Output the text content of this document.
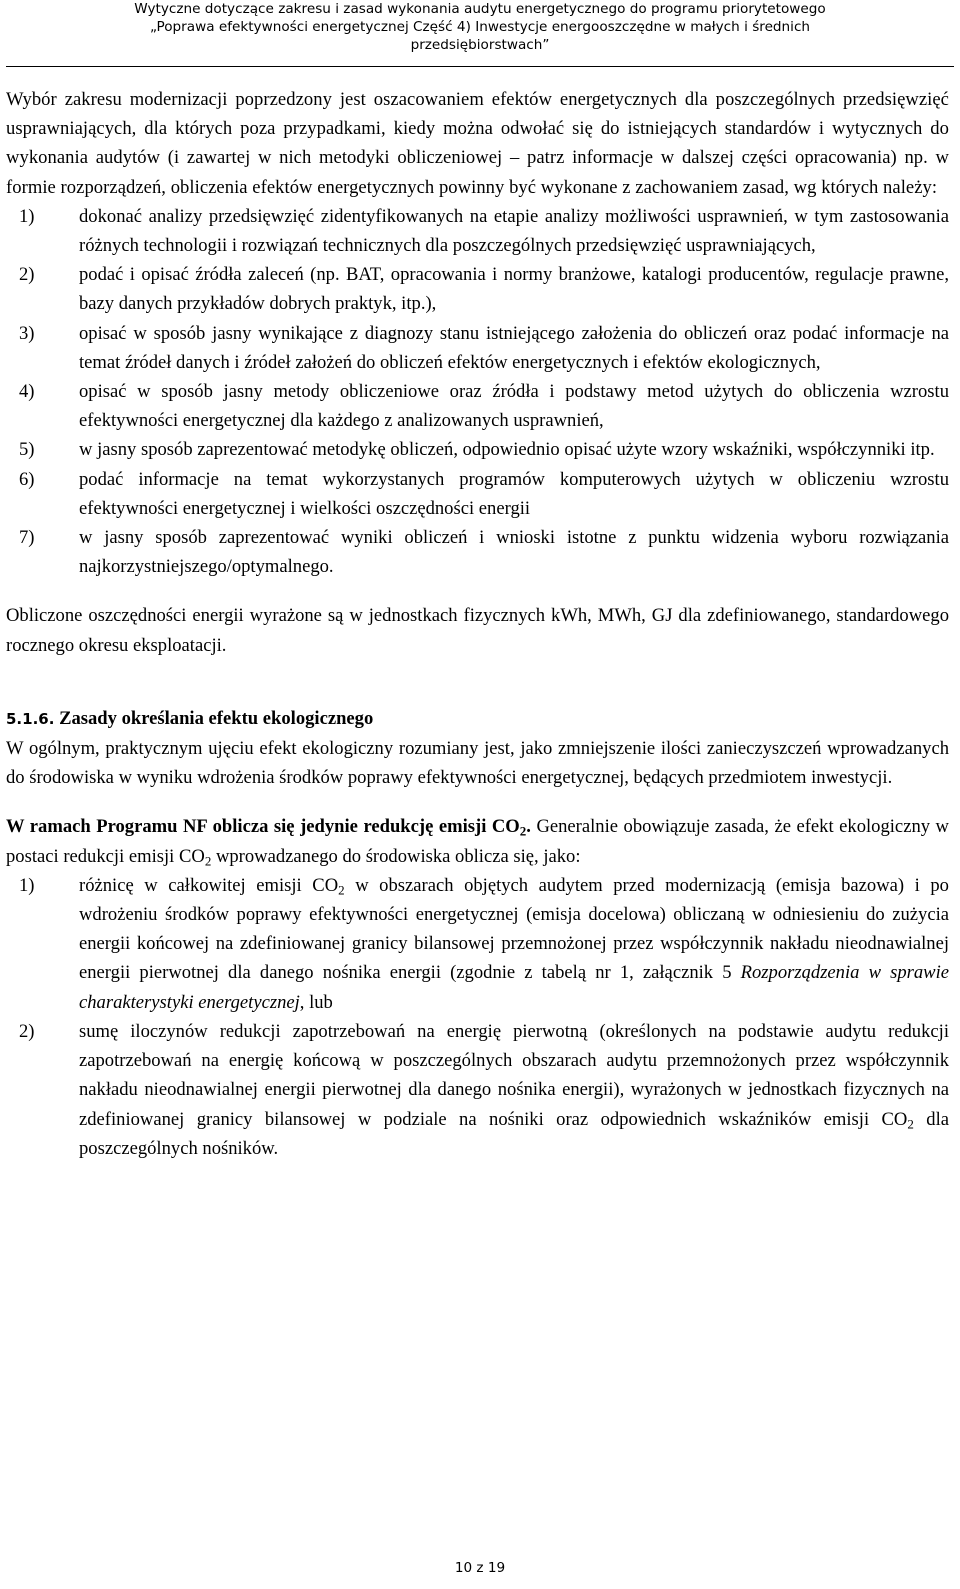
Wytyczne dotyczące zakresu i zasad wykonania audytu energetycznego do programu priorytetowego
„Poprawa efektywności energetycznej Część 4) Inwestycje energooszczędne w małych i średnich
przedsiębiorstwach”

Wybór zakresu modernizacji poprzedzony jest oszacowaniem efektów energetycznych dla poszczególnych przedsięwzięć usprawniających, dla których poza przypadkami, kiedy można odwołać się do istniejących standardów i wytycznych do wykonania audytów (i zawartej w nich metodyki obliczeniowej – patrz informacje w dalszej części opracowania) np. w formie rozporządzeń, obliczenia efektów energetycznych powinny być wykonane z zachowaniem zasad, wg których należy:

1)	dokonać analizy przedsięwzięć zidentyfikowanych na etapie analizy możliwości usprawnień, w tym zastosowania różnych technologii i rozwiązań technicznych dla poszczególnych przedsięwzięć usprawniających,
2)	podać i opisać źródła zaleceń (np. BAT, opracowania i normy branżowe, katalogi producentów, regulacje prawne, bazy danych przykładów dobrych praktyk, itp.),
3)	opisać w sposób jasny wynikające z diagnozy stanu istniejącego założenia do obliczeń oraz podać informacje na temat źródeł danych i źródeł założeń do obliczeń efektów energetycznych i efektów ekologicznych,
4)	opisać w sposób jasny metody obliczeniowe oraz źródła i podstawy metod użytych do obliczenia wzrostu efektywności energetycznej dla każdego z analizowanych usprawnień,
5)	w jasny sposób zaprezentować metodykę obliczeń, odpowiednio opisać użyte wzory wskaźniki, współczynniki itp.
6)	podać informacje na temat wykorzystanych programów komputerowych użytych w obliczeniu wzrostu efektywności energetycznej i wielkości oszczędności energii
7)	w jasny sposób zaprezentować wyniki obliczeń i wnioski istotne z punktu widzenia wyboru rozwiązania najkorzystniejszego/optymalnego.

Obliczone oszczędności energii wyrażone są w jednostkach fizycznych kWh, MWh, GJ dla zdefiniowanego, standardowego rocznego okresu eksploatacji.

5.1.6. Zasady określania efektu ekologicznego

W ogólnym, praktycznym ujęciu efekt ekologiczny rozumiany jest, jako zmniejszenie ilości zanieczyszczeń wprowadzanych do środowiska w wyniku wdrożenia środków poprawy efektywności energetycznej, będących przedmiotem inwestycji.

W ramach Programu NF oblicza się jedynie redukcję emisji $CO_2$. Generalnie obowiązuje zasada, że efekt ekologiczny w postaci redukcji emisji $CO_2$ wprowadzanego do środowiska oblicza się, jako:

1)	różnicę w całkowitej emisji $CO_2$ w obszarach objętych audytem przed modernizacją (emisja bazowa) i po wdrożeniu środków poprawy efektywności energetycznej (emisja docelowa) obliczaną w odniesieniu do zużycia energii końcowej na zdefiniowanej granicy bilansowej przemnożonej przez współczynnik nakładu nieodnawialnej energii pierwotnej dla danego nośnika energii (zgodnie z tabelą nr 1, załącznik 5 Rozporządzenia w sprawie charakterystyki energetycznej, lub
2)	sumę iloczynów redukcji zapotrzebowań na energię pierwotną (określonych na podstawie audytu redukcji zapotrzebowań na energię końcową w poszczególnych obszarach audytu przemnożonych przez współczynnik nakładu nieodnawialnej energii pierwotnej dla danego nośnika energii), wyrażonych w jednostkach fizycznych na zdefiniowanej granicy bilansowej w podziale na nośniki oraz odpowiednich wskaźników emisji $CO_2$ dla poszczególnych nośników.
10 z 19
